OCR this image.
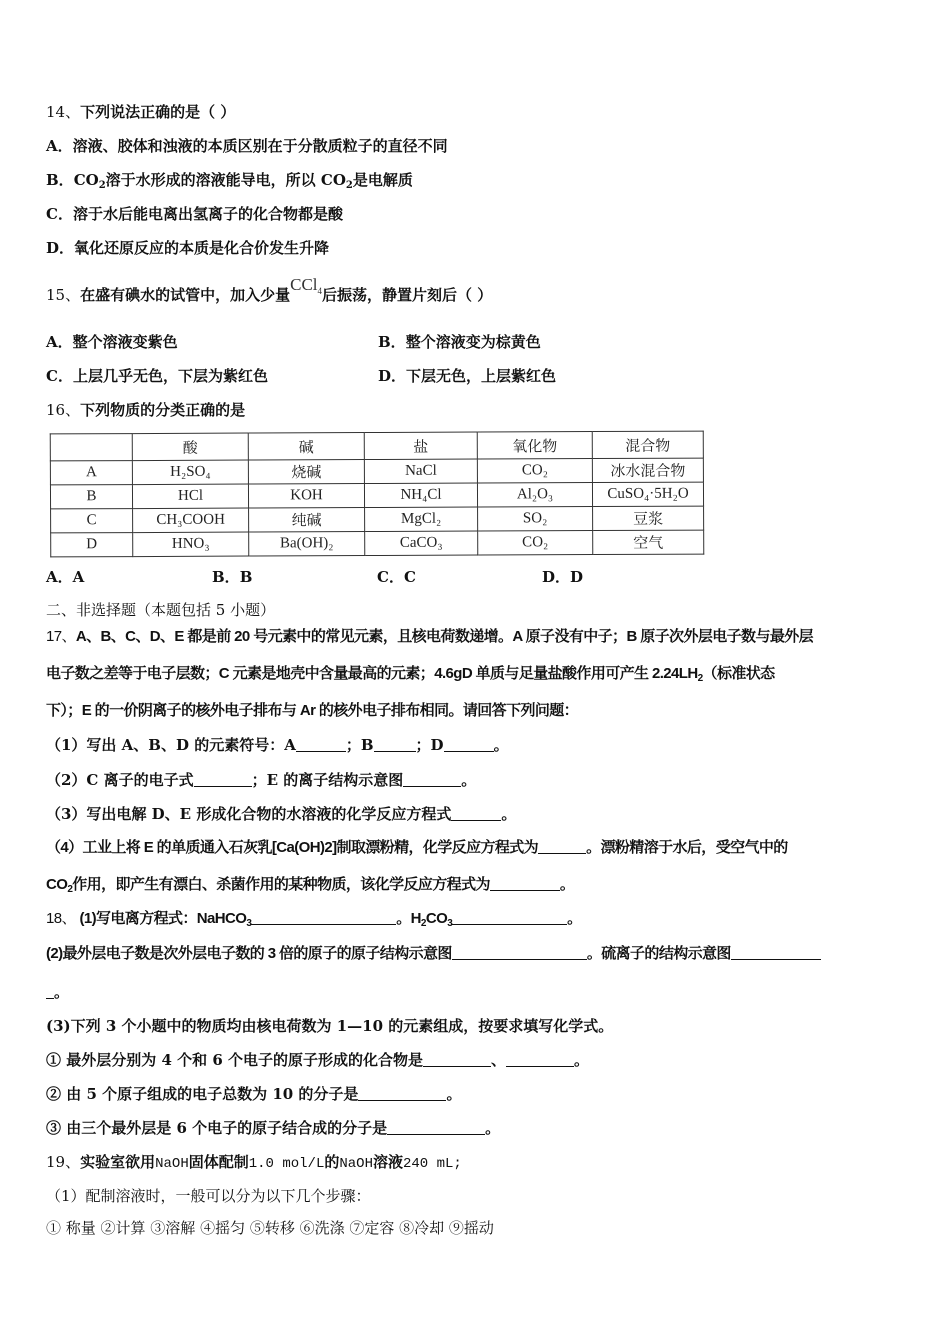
14、下列说法正确的是（ ）
A．溶液、胶体和浊液的本质区别在于分散质粒子的直径不同
B．$CO_2$溶于水形成的溶液能导电，所以 $CO_2$是电解质
C．溶于水后能电离出氢离子的化合物都是酸
D．氧化还原反应的本质是化合价发生升降
15、在盛有碘水的试管中，加入少量CCl$_4$后振荡，静置片刻后（ ）
A．整个溶液变紫色	B．整个溶液变为棕黄色
C．上层几乎无色，下层为紫红色	D．下层无色，上层紫红色
16、下列物质的分类正确的是
	酸	碱	盐	氧化物	混合物
A	H₂SO₄	烧碱	NaCl	CO₂	冰水混合物
B	HCl	KOH	NH₄Cl	Al₂O₃	CuSO₄·5H₂O
C	CH₃COOH	纯碱	MgCl₂	SO₂	豆浆
D	HNO₃	Ba(OH)₂	CaCO₃	CO₂	空气
A．A	B．B	C．C	D．D
二、非选择题（本题包括 5 小题）
17、A、B、C、D、E 都是前 20 号元素中的常见元素，且核电荷数递增。A 原子没有中子；B 原子次外层电子数与最外层
电子数之差等于电子层数；C 元素是地壳中含量最高的元素；4.6gD 单质与足量盐酸作用可产生 $2.24LH_2$（标准状态
下）；E 的一价阴离子的核外电子排布与 Ar 的核外电子排布相同。请回答下列问题：
（1）写出 A、B、D 的元素符号：A	；B	；D	。
（2）C 离子的电子式	；E 的离子结构示意图	。
（3）写出电解 D、E 形成化合物的水溶液的化学反应方程式	。
（4）工业上将 E 的单质通入石灰乳[Ca(OH)2]制取漂粉精，化学反应方程式为	。漂粉精溶于水后，受空气中的
$CO_2$作用，即产生有漂白、杀菌作用的某种物质，该化学反应方程式为	。
18、 (1)写电离方程式：NaHCO$_3$	。$H_2CO_3$	。
(2)最外层电子数是次外层电子数的 3 倍的原子的原子结构示意图	。硫离子的结构示意图
。
(3)下列 3 个小题中的物质均由核电荷数为 1—10 的元素组成，按要求填写化学式。
① 最外层分别为 4 个和 6 个电子的原子形成的化合物是	、	。
② 由 5 个原子组成的电子总数为 10 的分子是	。
③ 由三个最外层是 6 个电子的原子结合成的分子是	。
19、实验室欲用NaOH固体配制1.0 mol/L的NaOH溶液240 mL;
（1）配制溶液时，一般可以分为以下几个步骤：
① 称量 ②计算 ③溶解 ④摇匀 ⑤转移 ⑥洗涤 ⑦定容 ⑧冷却 ⑨摇动
